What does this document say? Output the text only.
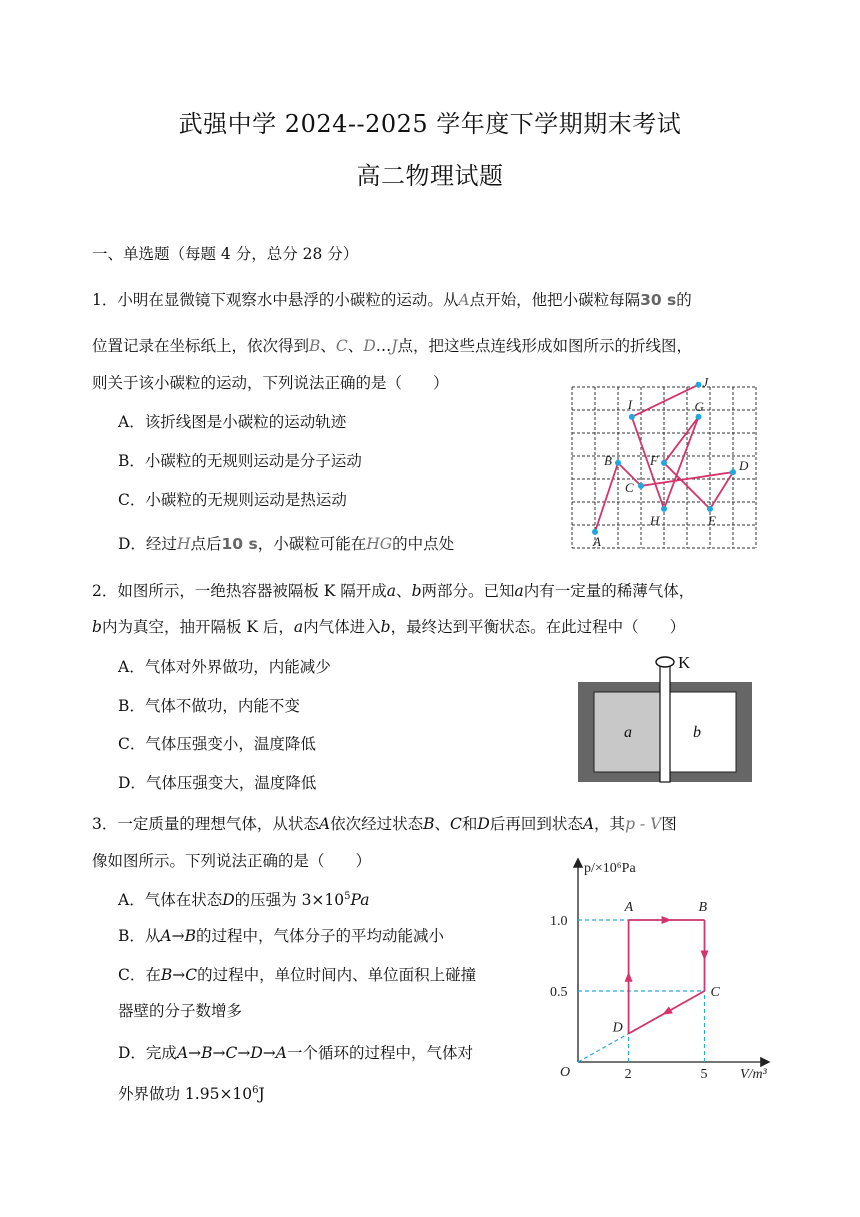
武强中学 2024--2025 学年度下学期期末考试
高二物理试题
一、单选题（每题 4 分，总分 28 分）
1．小明在显微镜下观察水中悬浮的小碳粒的运动。从A点开始，他把小碳粒每隔30 s的
位置记录在坐标纸上，依次得到B、C、D…J点，把这些点连线形成如图所示的折线图，
则关于该小碳粒的运动，下列说法正确的是（　　）
A．该折线图是小碳粒的运动轨迹
B．小碳粒的无规则运动是分子运动
C．小碳粒的无规则运动是热运动
D．经过H点后10 s，小碳粒可能在HG的中点处	A
B
C
D
E
F
G
H
I
J
2．如图所示，一绝热容器被隔板 K 隔开成a、b两部分。已知a内有一定量的稀薄气体，
b内为真空，抽开隔板 K 后，a内气体进入b，最终达到平衡状态。在此过程中（　　）
A．气体对外界做功，内能减少
B．气体不做功，内能不变
C．气体压强变小，温度降低
D．气体压强变大，温度降低
K
a	b
3．一定质量的理想气体，从状态A依次经过状态B、C和D后再回到状态A，其p - V图
像如图所示。下列说法正确的是（　　）
A．气体在状态D的压强为 $3\times 10^5Pa$
B．从A→B的过程中，气体分子的平均动能减小
C．在B→C的过程中，单位时间内、单位面积上碰撞
器壁的分子数增多
D．完成A→B→C→D→A一个循环的过程中，气体对
外界做功 $1.95\times 10^6J$
p/×10⁶Pa
V/m³
O	2	5
0.5
1.0
A	B
C
D
